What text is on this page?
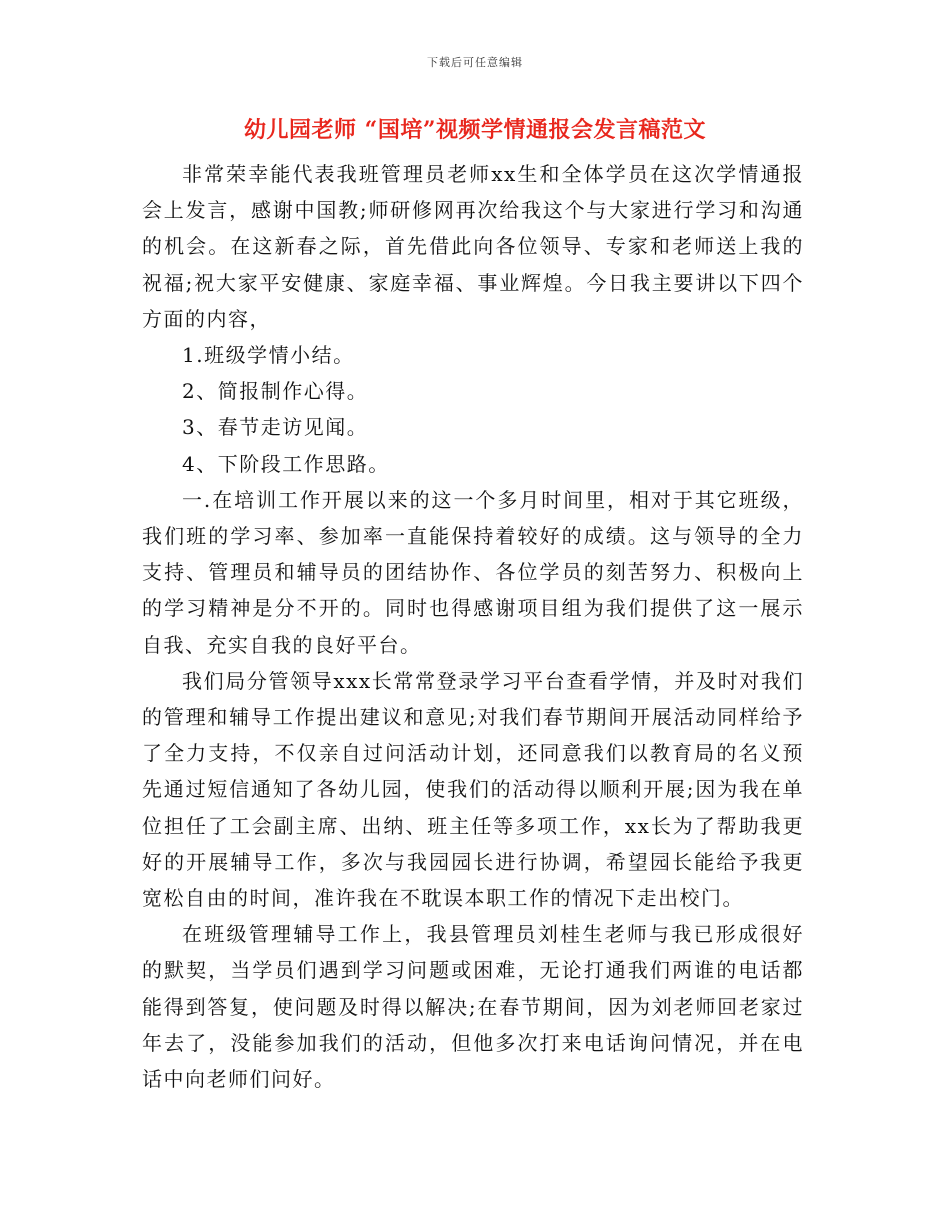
下载后可任意编辑
幼儿园老师 “国培”视频学情通报会发言稿范文

非常荣幸能代表我班管理员老师xx生和全体学员在这次学情通报会上发言，感谢中国教;师研修网再次给我这个与大家进行学习和沟通的机会。在这新春之际，首先借此向各位领导、专家和老师送上我的祝福;祝大家平安健康、家庭幸福、事业辉煌。今日我主要讲以下四个方面的内容，

1.班级学情小结。

2、简报制作心得。

3、春节走访见闻。

4、下阶段工作思路。

一.在培训工作开展以来的这一个多月时间里，相对于其它班级，我们班的学习率、参加率一直能保持着较好的成绩。这与领导的全力支持、管理员和辅导员的团结协作、各位学员的刻苦努力、积极向上的学习精神是分不开的。同时也得感谢项目组为我们提供了这一展示自我、充实自我的良好平台。

我们局分管领导xxx长常常登录学习平台查看学情，并及时对我们的管理和辅导工作提出建议和意见;对我们春节期间开展活动同样给予了全力支持，不仅亲自过问活动计划，还同意我们以教育局的名义预先通过短信通知了各幼儿园，使我们的活动得以顺利开展;因为我在单位担任了工会副主席、出纳、班主任等多项工作，xx长为了帮助我更好的开展辅导工作，多次与我园园长进行协调，希望园长能给予我更宽松自由的时间，准许我在不耽误本职工作的情况下走出校门。

在班级管理辅导工作上，我县管理员刘桂生老师与我已形成很好的默契，当学员们遇到学习问题或困难，无论打通我们两谁的电话都能得到答复，使问题及时得以解决;在春节期间，因为刘老师回老家过年去了，没能参加我们的活动，但他多次打来电话询问情况，并在电话中向老师们问好。
